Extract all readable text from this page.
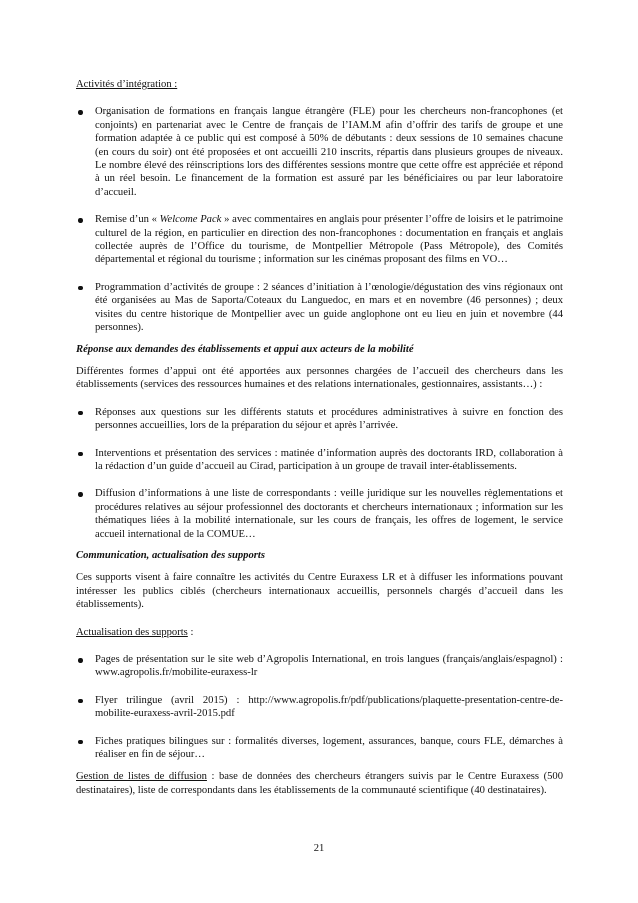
Activités d’intégration :

Organisation de formations en français langue étrangère (FLE) pour les chercheurs non-francophones (et conjoints) en partenariat avec le Centre de français de l’IAM.M afin d’offrir des tarifs de groupe et une formation adaptée à ce public qui est composé à 50% de débutants : deux sessions de 10 semaines chacune (en cours du soir) ont été proposées et ont accueilli 210 inscrits, répartis dans plusieurs groupes de niveaux. Le nombre élevé des réinscriptions lors des différentes sessions montre que cette offre est appréciée et répond à un réel besoin. Le financement de la formation est assuré par les bénéficiaires ou par leur laboratoire d’accueil.
Remise d’un « Welcome Pack » avec commentaires en anglais pour présenter l’offre de loisirs et le patrimoine culturel de la région, en particulier en direction des non-francophones : documentation en français et anglais collectée auprès de l’Office du tourisme, de Montpellier Métropole (Pass Métropole), des Comités départemental et régional du tourisme ; information sur les cinémas proposant des films en VO…
Programmation d’activités de groupe : 2 séances d’initiation à l’œnologie/dégustation des vins régionaux ont été organisées au Mas de Saporta/Coteaux du Languedoc, en mars et en novembre (46 personnes) ; deux visites du centre historique de Montpellier avec un guide anglophone ont eu lieu en juin et novembre (44 personnes).

Réponse aux demandes des établissements et appui aux acteurs de la mobilité

Différentes formes d’appui ont été apportées aux personnes chargées de l’accueil des chercheurs dans les établissements (services des ressources humaines et des relations internationales, gestionnaires, assistants…) :

Réponses aux questions sur les différents statuts et procédures administratives à suivre en fonction des personnes accueillies, lors de la préparation du séjour et après l’arrivée.
Interventions et présentation des services : matinée d’information auprès des doctorants IRD, collaboration à la rédaction d’un guide d’accueil au Cirad, participation à un groupe de travail inter-établissements.
Diffusion d’informations à une liste de correspondants : veille juridique sur les nouvelles règlementations et procédures relatives au séjour professionnel des doctorants et chercheurs internationaux ; information sur les thématiques liées à la mobilité internationale, sur les cours de français, les offres de logement, le service accueil international de la COMUE…

Communication, actualisation des supports

Ces supports visent à faire connaître les activités du Centre Euraxess LR et à diffuser les informations pouvant intéresser les publics ciblés (chercheurs internationaux accueillis, personnels chargés d’accueil dans les établissements).

Actualisation des supports :

Pages de présentation sur le site web d’Agropolis International, en trois langues (français/anglais/espagnol) : www.agropolis.fr/mobilite-euraxess-lr
Flyer trilingue (avril 2015) : http://www.agropolis.fr/pdf/publications/plaquette-presentation-centre-de-mobilite-euraxess-avril-2015.pdf
Fiches pratiques bilingues sur : formalités diverses, logement, assurances, banque, cours FLE, démarches à réaliser en fin de séjour…

Gestion de listes de diffusion : base de données des chercheurs étrangers suivis par le Centre Euraxess (500 destinataires), liste de correspondants dans les établissements de la communauté scientifique (40 destinataires).

21
